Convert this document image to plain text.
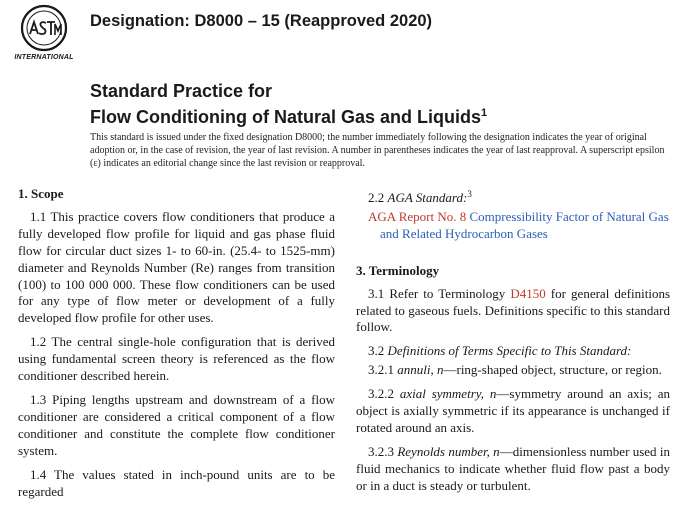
INTERNATIONAL
Designation: D8000 – 15 (Reapproved 2020)
Standard Practice for
Flow Conditioning of Natural Gas and Liquids$^1$
This standard is issued under the fixed designation D8000; the number immediately following the designation indicates the year of original adoption or, in the case of revision, the year of last revision. A number in parentheses indicates the year of last reapproval. A superscript epsilon (ε) indicates an editorial change since the last revision or reapproval.
1. Scope

1.1 This practice covers flow conditioners that produce a fully developed flow profile for liquid and gas phase fluid flow for circular duct sizes 1- to 60-in. (25.4- to 1525-mm) diameter and Reynolds Number (Re) ranges from transition (100) to 100 000 000. These flow conditioners can be used for any type of flow meter or development of a fully developed flow profile for other uses.

1.2 The central single-hole configuration that is derived using fundamental screen theory is referenced as the flow conditioner described herein.

1.3 Piping lengths upstream and downstream of a flow conditioner are considered a critical component of a flow conditioner and constitute the complete flow conditioner system.

1.4 The values stated in inch-pound units are to be regarded

2.2 AGA Standard:$^3$

AGA Report No. 8 Compressibility Factor of Natural Gas and Related Hydrocarbon Gases
3. Terminology

3.1 Refer to Terminology D4150 for general definitions related to gaseous fuels. Definitions specific to this standard follow.

3.2 Definitions of Terms Specific to This Standard:

3.2.1 annuli, n—ring-shaped object, structure, or region.

3.2.2 axial symmetry, n—symmetry around an axis; an object is axially symmetric if its appearance is unchanged if rotated around an axis.

3.2.3 Reynolds number, n—dimensionless number used in fluid mechanics to indicate whether fluid flow past a body or in a duct is steady or turbulent.
